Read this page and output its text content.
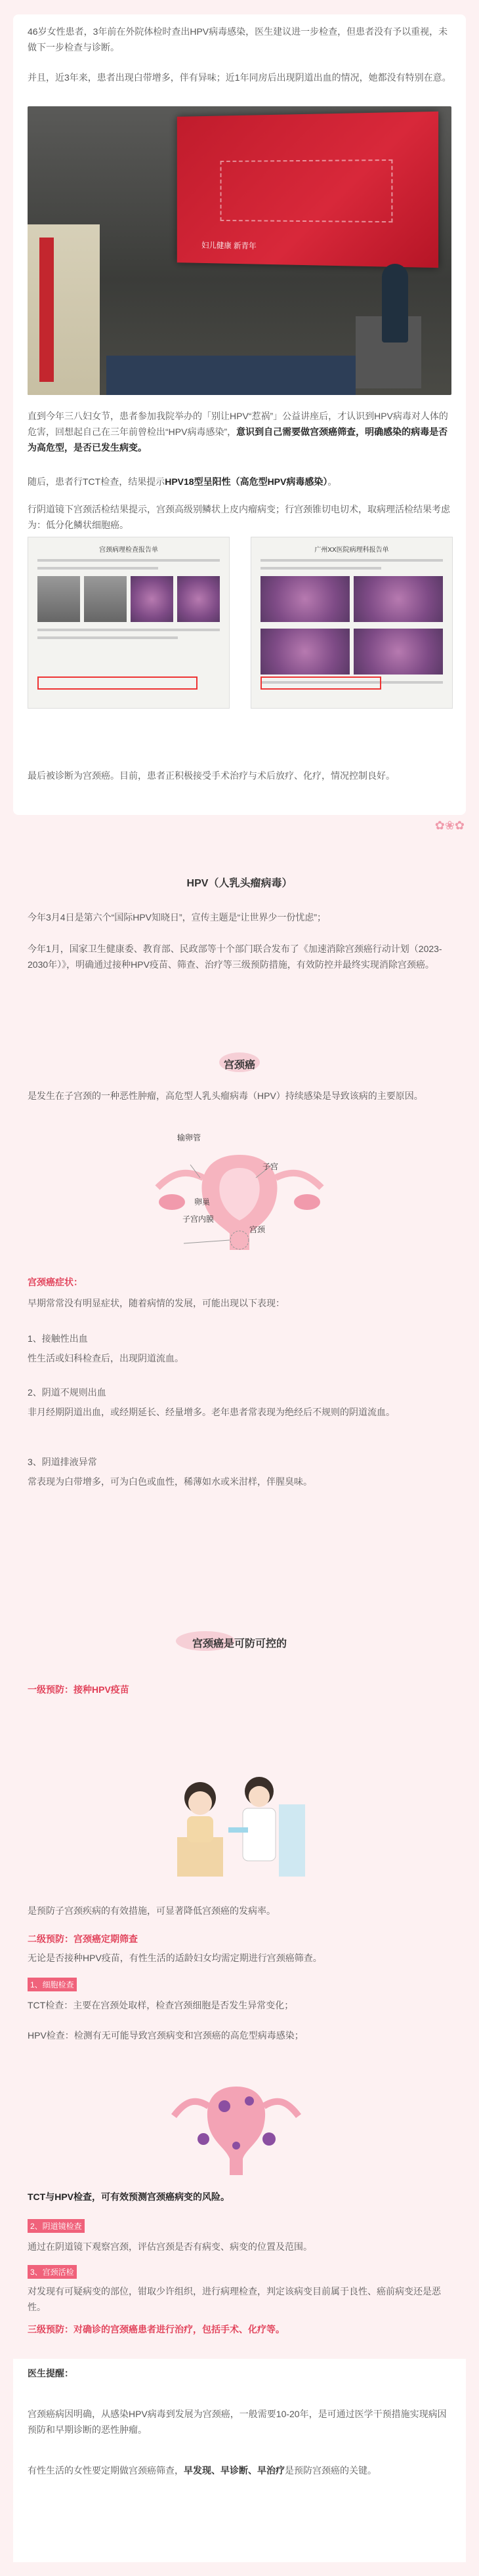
46岁女性患者，3年前在外院体检时查出HPV病毒感染，医生建议进一步检查，但患者没有予以重视，未做下一步检查与诊断。
并且，近3年来，患者出现白带增多，伴有异味；近1年同房后出现阴道出血的情况，她都没有特别在意。
妇儿健康 新青年
直到今年三八妇女节，患者参加我院举办的「别让HPV“惹祸”」公益讲座后，才认识到HPV病毒对人体的危害，回想起自己在三年前曾检出“HPV病毒感染”，意识到自己需要做宫颈癌筛查，明确感染的病毒是否为高危型，是否已发生病变。
随后，患者行TCT检查，结果提示HPV18型呈阳性（高危型HPV病毒感染）。
行阴道镜下宫颈活检结果提示，宫颈高级别鳞状上皮内瘤病变；行宫颈锥切电切术，取病理活检结果考虑为：低分化鳞状细胞癌。
宫颈病理检查报告单	广州XX医院病理科报告单
最后被诊断为宫颈癌。目前，患者正积极接受手术治疗与术后放疗、化疗，情况控制良好。
✿❀✿
HPV（人乳头瘤病毒）
今年3月4日是第六个“国际HPV知晓日”，宣传主题是“让世界少一份忧虑”；
今年1月，国家卫生健康委、教育部、民政部等十个部门联合发布了《加速消除宫颈癌行动计划（2023-2030年）》，明确通过接种HPV疫苗、筛查、治疗等三级预防措施，有效防控并最终实现消除宫颈癌。
宫颈癌
是发生在子宫颈的一种恶性肿瘤，高危型人乳头瘤病毒（HPV）持续感染是导致该病的主要原因。
输卵管
子宫
卵巢
子宫内膜
宫颈
宫颈癌症状：
早期常常没有明显症状，随着病情的发展，可能出现以下表现：
1、接触性出血
性生活或妇科检查后，出现阴道流血。
2、阴道不规则出血
非月经期阴道出血，或经期延长、经量增多。老年患者常表现为绝经后不规则的阴道流血。
3、阴道排液异常
常表现为白带增多，可为白色或血性，稀薄如水或米泔样，伴腥臭味。
宫颈癌是可防可控的
一级预防：接种HPV疫苗
是预防子宫颈疾病的有效措施，可显著降低宫颈癌的发病率。
二级预防：宫颈癌定期筛查
无论是否接种HPV疫苗，有性生活的适龄妇女均需定期进行宫颈癌筛查。
1、细胞检查
TCT检查：主要在宫颈处取样，检查宫颈细胞是否发生异常变化；
HPV检查：检测有无可能导致宫颈病变和宫颈癌的高危型病毒感染；
TCT与HPV检查，可有效预测宫颈癌病变的风险。
2、阴道镜检查
通过在阴道镜下观察宫颈，评估宫颈是否有病变、病变的位置及范围。
3、宫颈活检
对发现有可疑病变的部位，钳取少许组织，进行病理检查，判定该病变目前属于良性、癌前病变还是恶性。
三级预防：对确诊的宫颈癌患者进行治疗，包括手术、化疗等。
医生提醒：

宫颈癌病因明确，从感染HPV病毒到发展为宫颈癌，一般需要10-20年，是可通过医学干预措施实现病因预防和早期诊断的恶性肿瘤。

有性生活的女性要定期做宫颈癌筛查，早发现、早诊断、早治疗是预防宫颈癌的关键。
